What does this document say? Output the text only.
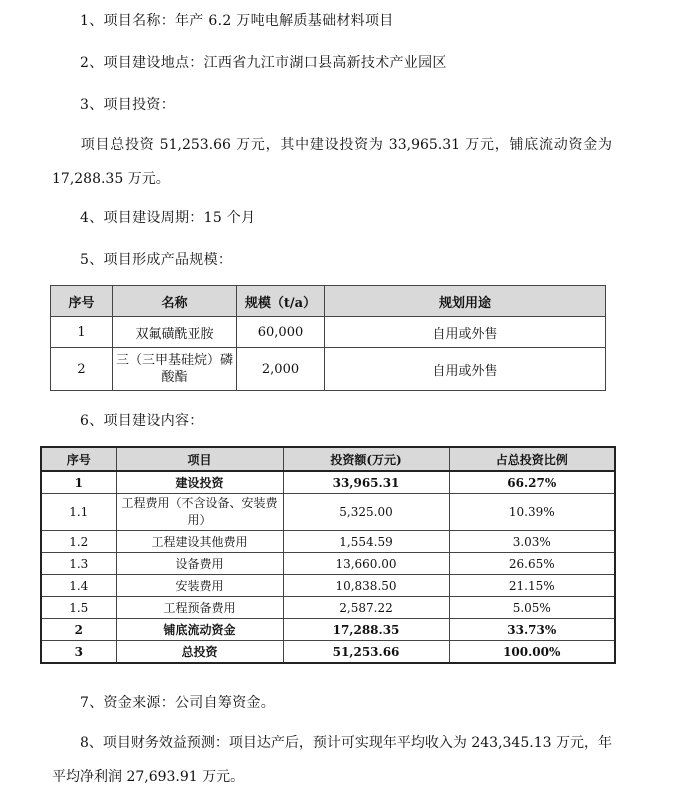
1、项目名称：年产 6.2 万吨电解质基础材料项目
2、项目建设地点：江西省九江市湖口县高新技术产业园区
3、项目投资：
项目总投资 51,253.66 万元，其中建设投资为 33,965.31 万元，铺底流动资金为 17,288.35 万元。
4、项目建设周期：15 个月
5、项目形成产品规模：
序号	名称	规模（t/a）	规划用途
1	双氟磺酰亚胺	60,000	自用或外售
2	三（三甲基硅烷）磷酸酯	2,000	自用或外售
6、项目建设内容：
序号	项目	投资额(万元)	占总投资比例
1	建设投资	33,965.31	66.27%
1.1	工程费用（不含设备、安装费用）	5,325.00	10.39%
1.2	工程建设其他费用	1,554.59	3.03%
1.3	设备费用	13,660.00	26.65%
1.4	安装费用	10,838.50	21.15%
1.5	工程预备费用	2,587.22	5.05%
2	铺底流动资金	17,288.35	33.73%
3	总投资	51,253.66	100.00%
7、资金来源：公司自筹资金。
8、项目财务效益预测：项目达产后，预计可实现年平均收入为 243,345.13 万元，年平均净利润 27,693.91 万元。
